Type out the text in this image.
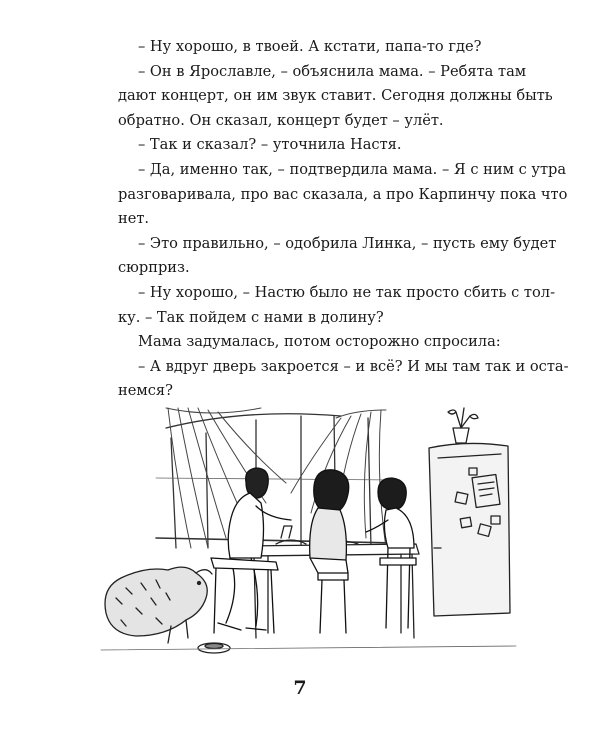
– Ну хорошо, в твоей. А кстати, папа-то где?
– Он в Ярославле, – объяснила мама. – Ребята там
дают концерт, он им звук ставит. Сегодня должны быть
обратно. Он сказал, концерт будет – улёт.
– Так и сказал? – уточнила Настя.
– Да, именно так, – подтвердила мама. – Я с ним с утра
разговаривала, про вас сказала, а про Карпинчу пока что
нет.
– Это правильно, – одобрила Линка, – пусть ему будет
сюрприз.
– Ну хорошо, – Настю было не так просто сбить с тол-
ку. – Так пойдем с нами в долину?
Мама задумалась, потом осторожно спросила:
– А вдруг дверь закроется – и всё? И мы там так и оста-
немся?
7
